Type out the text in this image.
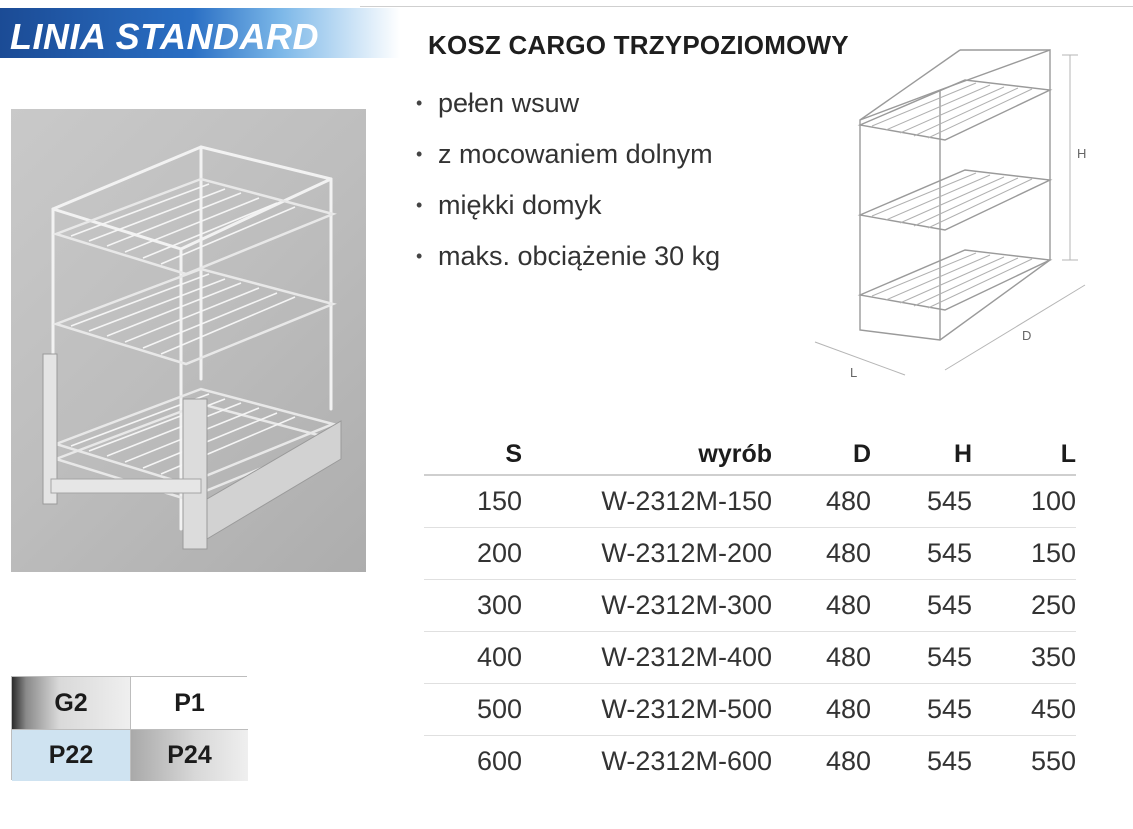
LINIA STANDARD	KOSZ CARGO TRZYPOZIOMOWY
• pełen wsuw
• z mocowaniem dolnym
• miękki domyk
• maks. obciążenie 30 kg
H
D
L
G2	P1
P22	P24
S	wyrób	D	H	L
150	W-2312M-150	480	545	100
200	W-2312M-200	480	545	150
300	W-2312M-300	480	545	250
400	W-2312M-400	480	545	350
500	W-2312M-500	480	545	450
600	W-2312M-600	480	545	550
